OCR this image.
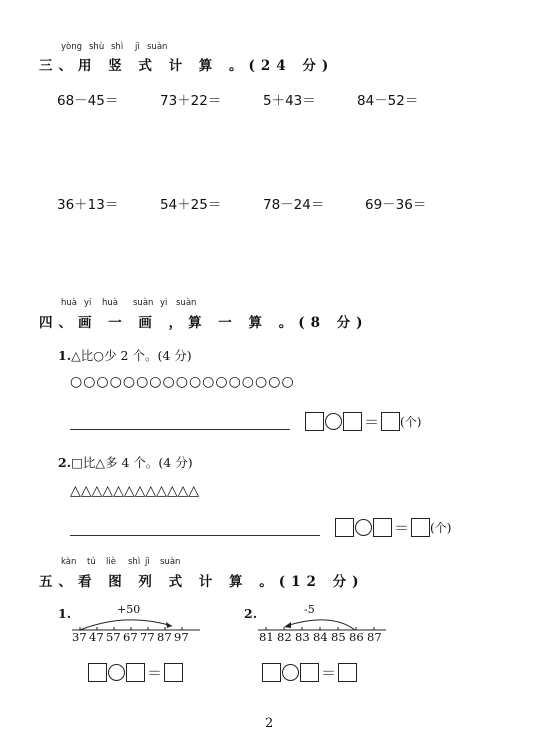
yòng shù shì jì suàn
三、用 竖 式 计 算 。(24 分)
68－45＝	73＋22＝	5＋43＝	84－52＝
36＋13＝	54＋25＝	78－24＝	69－36＝
huà yi huà suàn yi suàn
四、画 一 画 ，算 一 算 。(8 分)
1.△比○少 2 个。(4 分)
○○○○○○○○○○○○○○○○○
＝ (个)
2.□比△多 4 个。(4 分)
△△△△△△△△△△△△
＝ (个)
kàn tú liè shì jì suàn
五、看 图 列 式 计 算 。(12 分)
1.	+50
37 47 57 67 77 87 97
＝
2.	-5
81 82 83 84 85 86 87
＝
2
